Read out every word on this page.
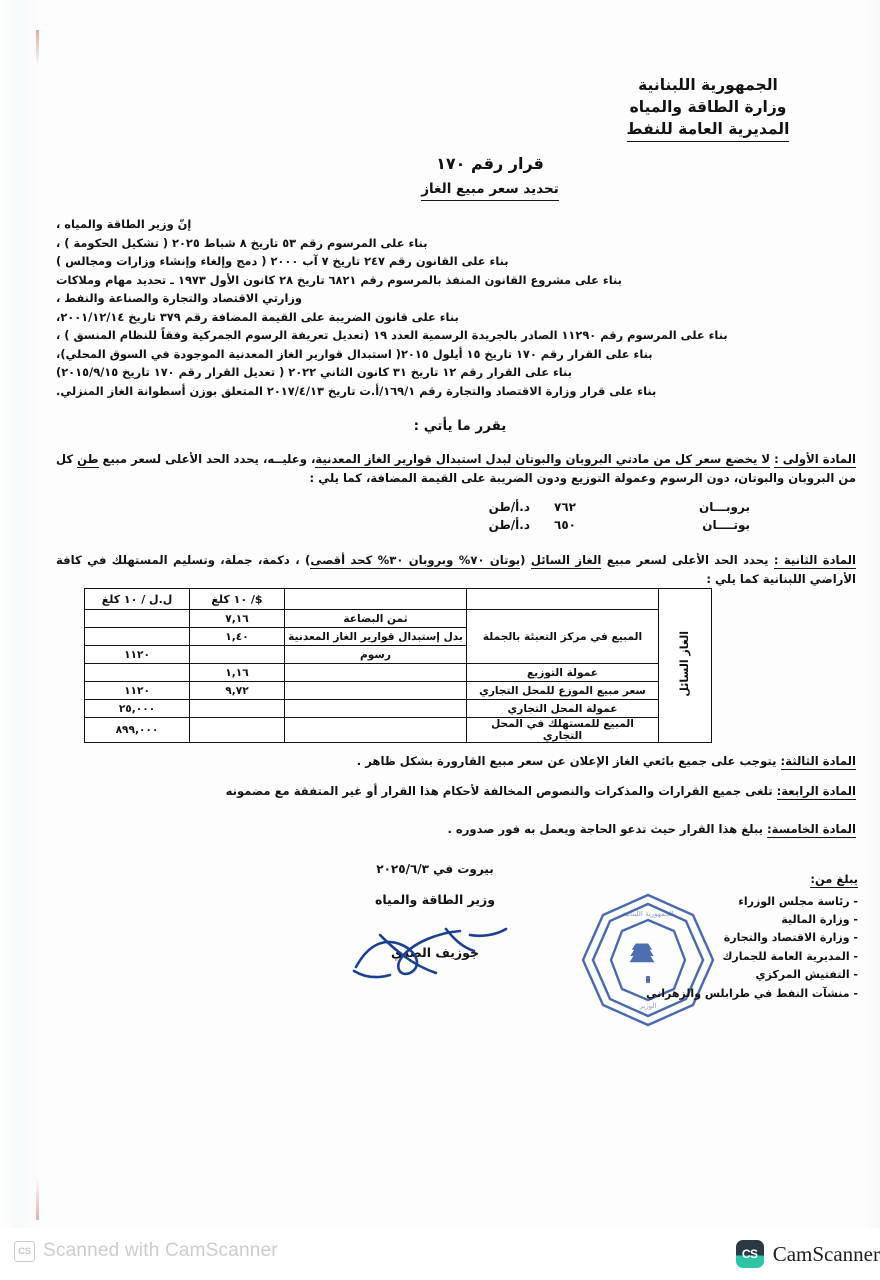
الجمهورية اللبنانية
وزارة الطاقة والمياه
المديرية العامة للنفط
قرار رقم ١٧٠
تحديد سعر مبيع الغاز
إنّ وزير الطاقة والمياه ،
بناء على المرسوم رقم ٥٣ تاريخ ٨ شباط ٢٠٢٥ ( تشكيل الحكومة ) ،
بناء على القانون رقم ٢٤٧ تاريخ ٧ آب ٢٠٠٠ ( دمج وإلغاء وإنشاء وزارات ومجالس )
بناء على مشروع القانون المنفذ بالمرسوم رقم ٦٨٢١ تاريخ ٢٨ كانون الأول ١٩٧٣ ـ تحديد مهام وملاكات
وزارتي الاقتصاد والتجارة والصناعة والنفط ،
بناء على قانون الضريبة على القيمة المضافة رقم ٣٧٩ تاريخ ٢٠٠١/١٢/١٤،
بناء على المرسوم رقم ١١٢٩٠ الصادر بالجريدة الرسمية العدد ١٩ (تعديل تعريفة الرسوم الجمركية وفقاً للنظام المنسق ) ،
بناء على القرار رقم ١٧٠ تاريخ ١٥ أيلول ٢٠١٥( استبدال قوارير الغاز المعدنية الموجودة في السوق المحلي)،
بناء على القرار رقم ١٢ تاريخ ٣١ كانون الثاني ٢٠٢٢ ( تعديل القرار رقم ١٧٠ تاريخ ٢٠١٥/٩/١٥)
بناء على قرار وزارة الاقتصاد والتجارة رقم ١٦٩/١/أ.ت تاريخ ٢٠١٧/٤/١٣ المتعلق بوزن أسطوانة الغاز المنزلي.
يقرر ما يأتي :
المادة الأولى : لا يخضع سعر كل من مادتي البروبان والبوتان لبدل استبدال قوارير الغاز المعدنية، وعليــه، يحدد الحد الأعلى لسعر مبيع طن كل من البروبان والبوتان، دون الرسوم وعمولة التوزيع ودون الضريبة على القيمة المضافة، كما يلي :
بروبـــان
٧٦٢
د.أ/طن
بوتــــان
٦٥٠
د.أ/طن
المادة الثانية : يحدد الحد الأعلى لسعر مبيع الغاز السائل (بوتان ٧٠% وبروبان ٣٠% كحد أقصى) ، دكمة، جملة، وتسليم المستهلك في كافة الأراضي اللبنانية كما يلي :
الغاز السائل			$/ ١٠ كلغ	ل.ل / ١٠ كلغ
	المبيع في مركز التعبئة بالجملة	ثمن البضاعة	٧,١٦	
		بدل إستبدال قوارير الغاز المعدنية	١,٤٠	
		رسوم		١١٢٠
	عمولة التوزيع		١,١٦	
	سعر مبيع الموزع للمحل التجاري		٩,٧٢	١١٢٠
	عمولة المحل التجاري			٢٥,٠٠٠
	المبيع للمستهلك في المحل التجاري			٨٩٩,٠٠٠
المادة الثالثة: يتوجب على جميع بائعي الغاز الإعلان عن سعر مبيع القارورة بشكل ظاهر .
المادة الرابعة: تلغى جميع القرارات والمذكرات والنصوص المخالفة لأحكام هذا القرار أو غير المتفقة مع مضمونه
المادة الخامسة: يبلغ هذا القرار حيث تدعو الحاجة ويعمل به فور صدوره .
بيروت في ٢٠٢٥/٦/٣
وزير الطاقة والمياه
جوزيف الصدي
الجمهورية اللبنانية
الوزير
يبلغ من:
- رئاسة مجلس الوزراء
- وزارة المالية
- وزارة الاقتصاد والتجارة
- المديرية العامة للجمارك
- التفتيش المركزي
- منشآت النفط في طرابلس والزهراني
CS CamScanner
CS Scanned with CamScanner
